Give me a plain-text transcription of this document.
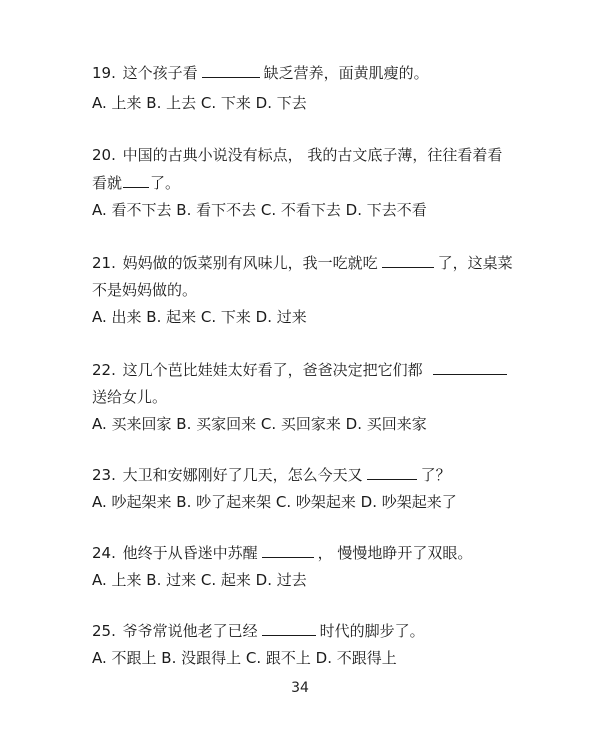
19. 这个孩子看	缺乏营养，面黄肌瘦的。
A. 上来 B. 上去 C. 下来 D. 下去
20. 中国的古典小说没有标点， 我的古文底子薄，往往看着看
看就 了。
A. 看不下去 B. 看下不去 C. 不看下去 D. 下去不看
21. 妈妈做的饭菜别有风味儿，我一吃就吃	了，这桌菜
不是妈妈做的。
A. 出来 B. 起来 C. 下来 D. 过来
22. 这几个芭比娃娃太好看了，爸爸决定把它们都
送给女儿。
A. 买来回家 B. 买家回来 C. 买回家来 D. 买回来家
23. 大卫和安娜刚好了几天，怎么今天又	了？
A. 吵起架来 B. 吵了起来架 C. 吵架起来 D. 吵架起来了
24. 他终于从昏迷中苏醒	， 慢慢地睁开了双眼。
A. 上来 B. 过来 C. 起来 D. 过去
25. 爷爷常说他老了已经	时代的脚步了。
A. 不跟上 B. 没跟得上 C. 跟不上 D. 不跟得上
34
